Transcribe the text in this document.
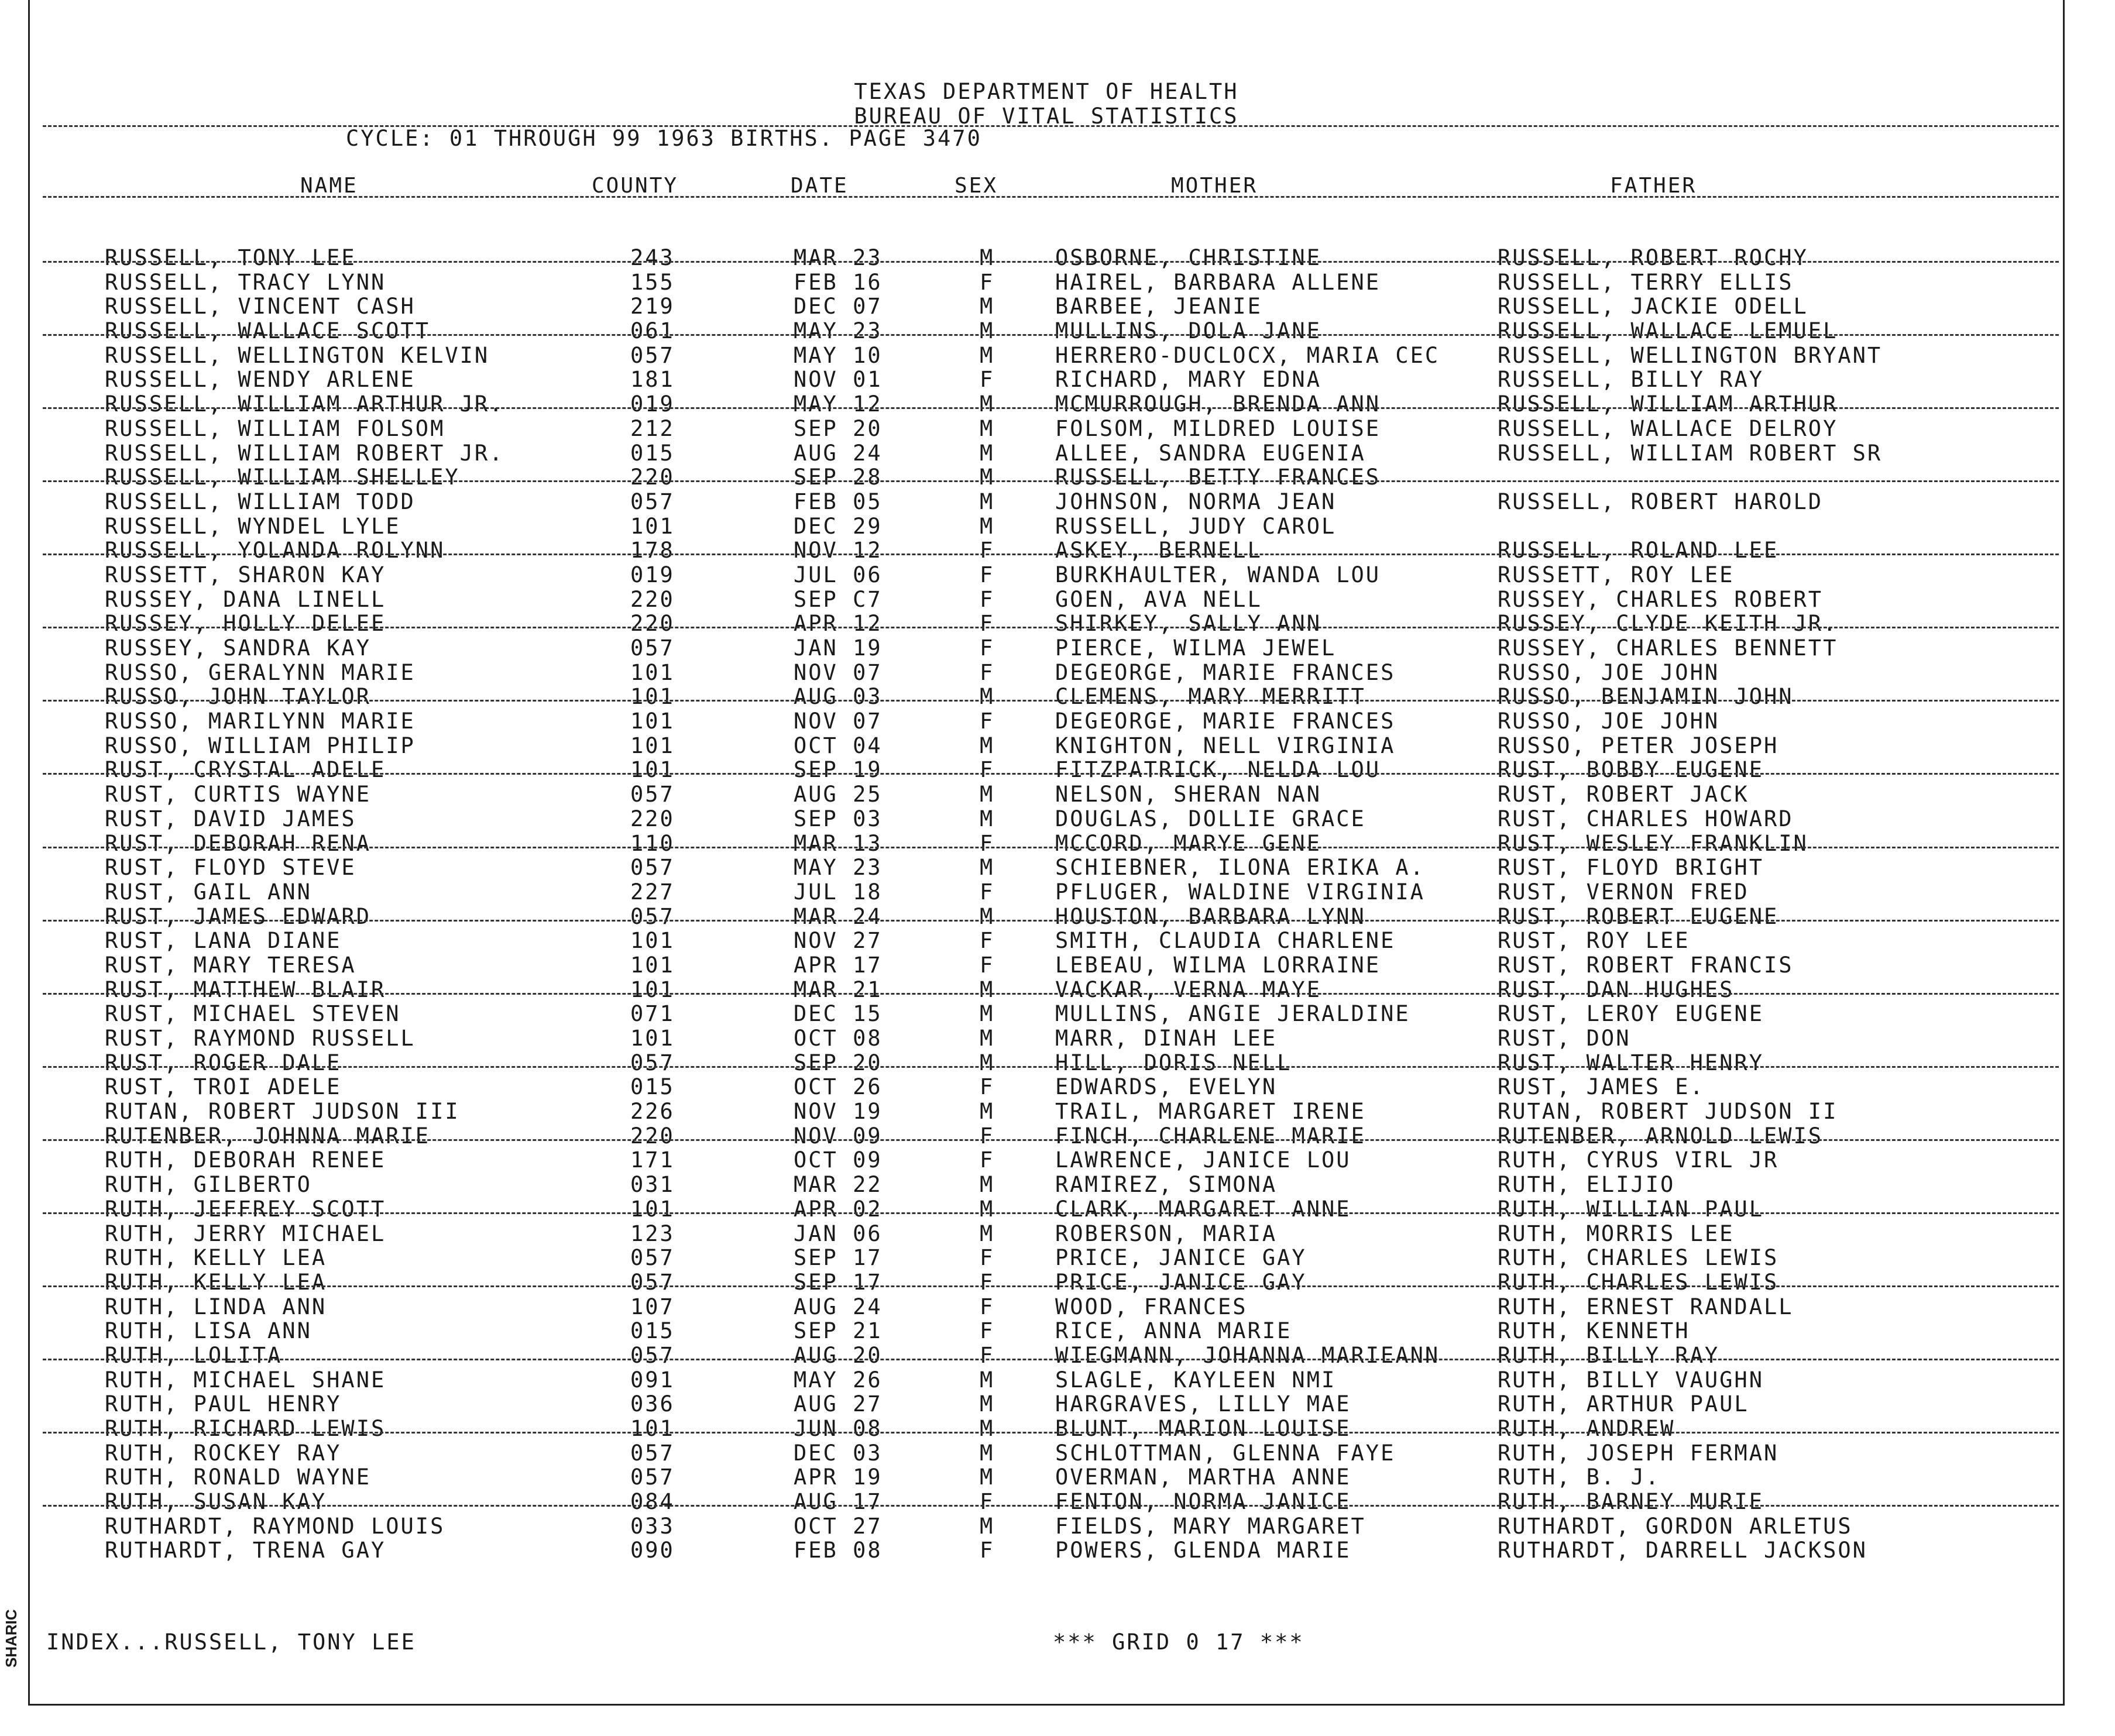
TEXAS DEPARTMENT OF HEALTH
BUREAU OF VITAL STATISTICS
CYCLE: 01 THROUGH 99 1963 BIRTHS. PAGE 3470
NAME	COUNTY	DATE	SEX	MOTHER	FATHER
RUSSELL, TONY LEE	243	MAR 23	M	OSBORNE, CHRISTINE	RUSSELL, ROBERT ROCHY
RUSSELL, TRACY LYNN	155	FEB 16	F	HAIREL, BARBARA ALLENE	RUSSELL, TERRY ELLIS
RUSSELL, VINCENT CASH	219	DEC 07	M	BARBEE, JEANIE	RUSSELL, JACKIE ODELL
RUSSELL, WALLACE SCOTT	061	MAY 23	M	MULLINS, DOLA JANE	RUSSELL, WALLACE LEMUEL
RUSSELL, WELLINGTON KELVIN	057	MAY 10	M	HERRERO-DUCLOCX, MARIA CEC	RUSSELL, WELLINGTON BRYANT
RUSSELL, WENDY ARLENE	181	NOV 01	F	RICHARD, MARY EDNA	RUSSELL, BILLY RAY
RUSSELL, WILLIAM ARTHUR JR.	019	MAY 12	M	MCMURROUGH, BRENDA ANN	RUSSELL, WILLIAM ARTHUR
RUSSELL, WILLIAM FOLSOM	212	SEP 20	M	FOLSOM, MILDRED LOUISE	RUSSELL, WALLACE DELROY
RUSSELL, WILLIAM ROBERT JR.	015	AUG 24	M	ALLEE, SANDRA EUGENIA	RUSSELL, WILLIAM ROBERT SR
RUSSELL, WILLIAM SHELLEY	220	SEP 28	M	RUSSELL, BETTY FRANCES
RUSSELL, WILLIAM TODD	057	FEB 05	M	JOHNSON, NORMA JEAN	RUSSELL, ROBERT HAROLD
RUSSELL, WYNDEL LYLE	101	DEC 29	M	RUSSELL, JUDY CAROL
RUSSELL, YOLANDA ROLYNN	178	NOV 12	F	ASKEY, BERNELL	RUSSELL, ROLAND LEE
RUSSETT, SHARON KAY	019	JUL 06	F	BURKHAULTER, WANDA LOU	RUSSETT, ROY LEE
RUSSEY, DANA LINELL	220	SEP C7	F	GOEN, AVA NELL	RUSSEY, CHARLES ROBERT
RUSSEY, HOLLY DELEE	220	APR 12	F	SHIRKEY, SALLY ANN	RUSSEY, CLYDE KEITH JR.
RUSSEY, SANDRA KAY	057	JAN 19	F	PIERCE, WILMA JEWEL	RUSSEY, CHARLES BENNETT
RUSSO, GERALYNN MARIE	101	NOV 07	F	DEGEORGE, MARIE FRANCES	RUSSO, JOE JOHN
RUSSO, JOHN TAYLOR	101	AUG 03	M	CLEMENS, MARY MERRITT	RUSSO, BENJAMIN JOHN
RUSSO, MARILYNN MARIE	101	NOV 07	F	DEGEORGE, MARIE FRANCES	RUSSO, JOE JOHN
RUSSO, WILLIAM PHILIP	101	OCT 04	M	KNIGHTON, NELL VIRGINIA	RUSSO, PETER JOSEPH
RUST, CRYSTAL ADELE	101	SEP 19	F	FITZPATRICK, NELDA LOU	RUST, BOBBY EUGENE
RUST, CURTIS WAYNE	057	AUG 25	M	NELSON, SHERAN NAN	RUST, ROBERT JACK
RUST, DAVID JAMES	220	SEP 03	M	DOUGLAS, DOLLIE GRACE	RUST, CHARLES HOWARD
RUST, DEBORAH RENA	110	MAR 13	F	MCCORD, MARYE GENE	RUST, WESLEY FRANKLIN
RUST, FLOYD STEVE	057	MAY 23	M	SCHIEBNER, ILONA ERIKA A.	RUST, FLOYD BRIGHT
RUST, GAIL ANN	227	JUL 18	F	PFLUGER, WALDINE VIRGINIA	RUST, VERNON FRED
RUST, JAMES EDWARD	057	MAR 24	M	HOUSTON, BARBARA LYNN	RUST, ROBERT EUGENE
RUST, LANA DIANE	101	NOV 27	F	SMITH, CLAUDIA CHARLENE	RUST, ROY LEE
RUST, MARY TERESA	101	APR 17	F	LEBEAU, WILMA LORRAINE	RUST, ROBERT FRANCIS
RUST, MATTHEW BLAIR	101	MAR 21	M	VACKAR, VERNA MAYE	RUST, DAN HUGHES
RUST, MICHAEL STEVEN	071	DEC 15	M	MULLINS, ANGIE JERALDINE	RUST, LEROY EUGENE
RUST, RAYMOND RUSSELL	101	OCT 08	M	MARR, DINAH LEE	RUST, DON
RUST, ROGER DALE	057	SEP 20	M	HILL, DORIS NELL	RUST, WALTER HENRY
RUST, TROI ADELE	015	OCT 26	F	EDWARDS, EVELYN	RUST, JAMES E.
RUTAN, ROBERT JUDSON III	226	NOV 19	M	TRAIL, MARGARET IRENE	RUTAN, ROBERT JUDSON II
RUTENBER, JOHNNA MARIE	220	NOV 09	F	FINCH, CHARLENE MARIE	RUTENBER, ARNOLD LEWIS
RUTH, DEBORAH RENEE	171	OCT 09	F	LAWRENCE, JANICE LOU	RUTH, CYRUS VIRL JR
RUTH, GILBERTO	031	MAR 22	M	RAMIREZ, SIMONA	RUTH, ELIJIO
RUTH, JEFFREY SCOTT	101	APR 02	M	CLARK, MARGARET ANNE	RUTH, WILLIAN PAUL
RUTH, JERRY MICHAEL	123	JAN 06	M	ROBERSON, MARIA	RUTH, MORRIS LEE
RUTH, KELLY LEA	057	SEP 17	F	PRICE, JANICE GAY	RUTH, CHARLES LEWIS
RUTH, KELLY LEA	057	SEP 17	F	PRICE, JANICE GAY	RUTH, CHARLES LEWIS
RUTH, LINDA ANN	107	AUG 24	F	WOOD, FRANCES	RUTH, ERNEST RANDALL
RUTH, LISA ANN	015	SEP 21	F	RICE, ANNA MARIE	RUTH, KENNETH
RUTH, LOLITA	057	AUG 20	F	WIEGMANN, JOHANNA MARIEANN	RUTH, BILLY RAY
RUTH, MICHAEL SHANE	091	MAY 26	M	SLAGLE, KAYLEEN NMI	RUTH, BILLY VAUGHN
RUTH, PAUL HENRY	036	AUG 27	M	HARGRAVES, LILLY MAE	RUTH, ARTHUR PAUL
RUTH, RICHARD LEWIS	101	JUN 08	M	BLUNT, MARION LOUISE	RUTH, ANDREW
RUTH, ROCKEY RAY	057	DEC 03	M	SCHLOTTMAN, GLENNA FAYE	RUTH, JOSEPH FERMAN
RUTH, RONALD WAYNE	057	APR 19	M	OVERMAN, MARTHA ANNE	RUTH, B. J.
RUTH, SUSAN KAY	084	AUG 17	F	FENTON, NORMA JANICE	RUTH, BARNEY MURIE
RUTHARDT, RAYMOND LOUIS	033	OCT 27	M	FIELDS, MARY MARGARET	RUTHARDT, GORDON ARLETUS
RUTHARDT, TRENA GAY	090	FEB 08	F	POWERS, GLENDA MARIE	RUTHARDT, DARRELL JACKSON
INDEX...RUSSELL, TONY LEE	*** GRID 0 17 ***
SHARIC
